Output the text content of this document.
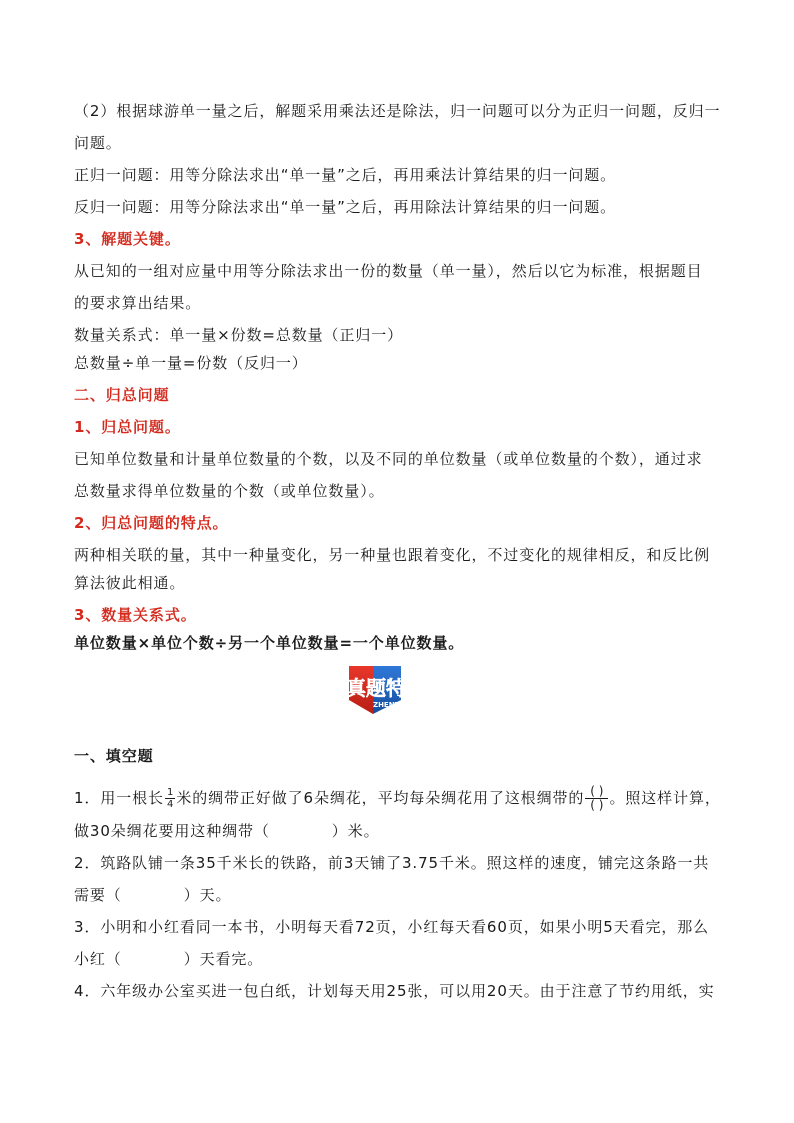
（2）根据球游单一量之后，解题采用乘法还是除法，归一问题可以分为正归一问题，反归一
问题。
正归一问题：用等分除法求出“单一量”之后，再用乘法计算结果的归一问题。
反归一问题：用等分除法求出“单一量”之后，再用除法计算结果的归一问题。
3、解题关键。
从已知的一组对应量中用等分除法求出一份的数量（单一量），然后以它为标准，根据题目
的要求算出结果。
数量关系式：单一量×份数=总数量（正归一）
总数量÷单一量=份数（反归一）
二、归总问题
1、归总问题。
已知单位数量和计量单位数量的个数，以及不同的单位数量（或单位数量的个数），通过求
总数量求得单位数量的个数（或单位数量）。
2、归总问题的特点。
两种相关联的量，其中一种量变化，另一种量也跟着变化，不过变化的规律相反，和反比例
算法彼此相通。
3、数量关系式。
单位数量×单位个数÷另一个单位数量=一个单位数量。
真题特训
ZHENTITEXUN
一、填空题
1．用一根长 $\frac{1}{4}$ 米的绸带正好做了6朵绸花，平均每朵绸花用了这根绸带的 $\frac{( )}{( )}$ 。照这样计算，
做30朵绸花要用这种绸带（	）米。
2．筑路队铺一条35千米长的铁路，前3天铺了3.75千米。照这样的速度，铺完这条路一共
需要（	）天。
3．小明和小红看同一本书，小明每天看72页，小红每天看60页，如果小明5天看完，那么
小红（	）天看完。
4．六年级办公室买进一包白纸，计划每天用25张，可以用20天。由于注意了节约用纸，实
